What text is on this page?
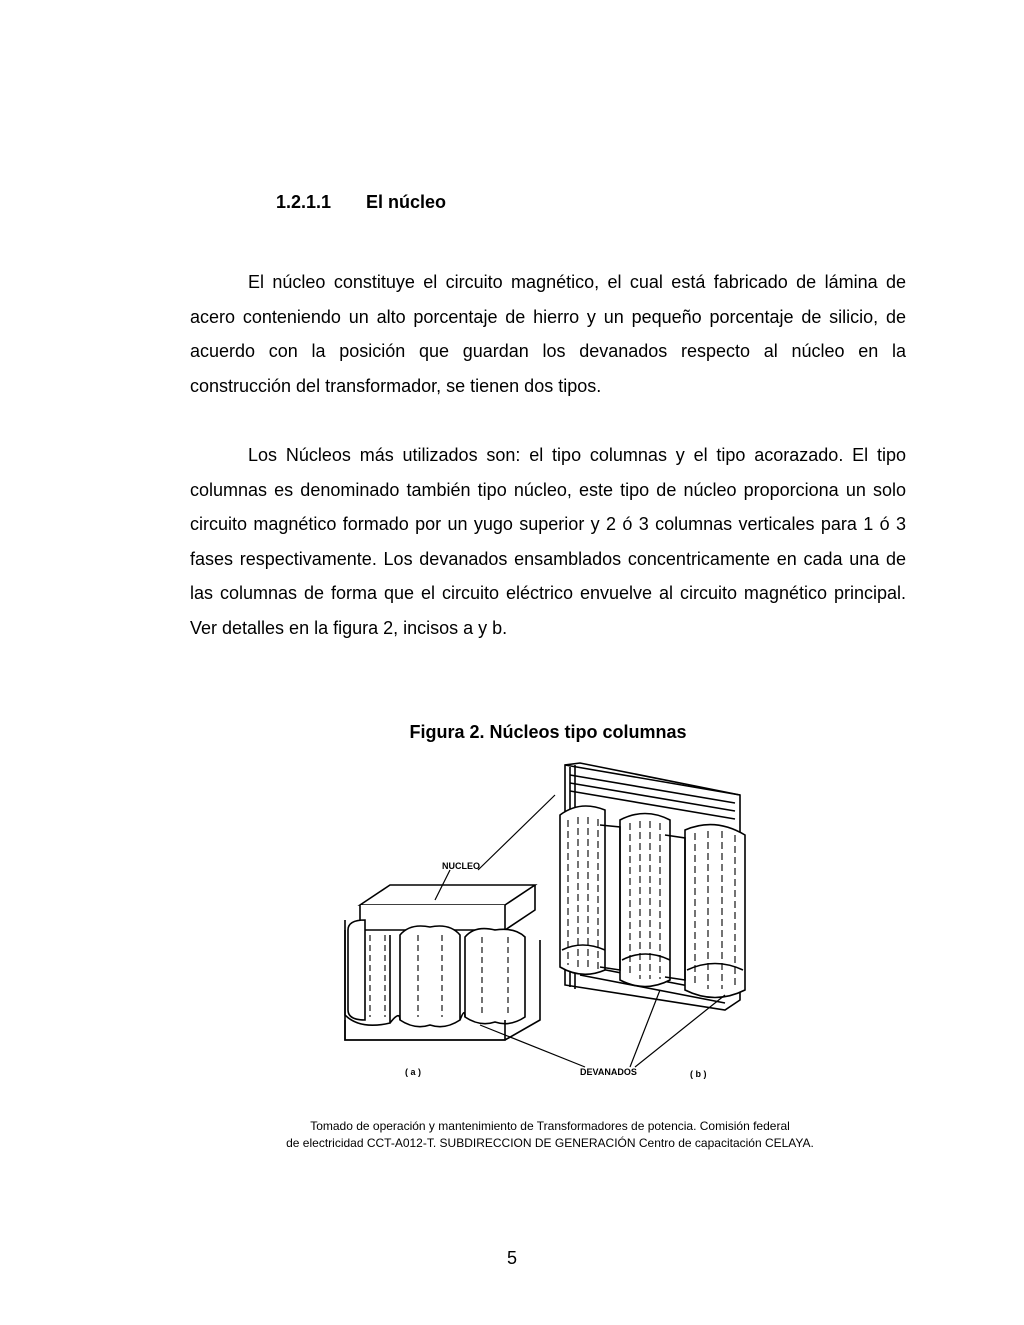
1.2.1.1 El núcleo

El núcleo constituye el circuito magnético, el cual está fabricado de lámina de acero conteniendo un alto porcentaje de hierro y un pequeño porcentaje de silicio, de acuerdo con la posición que guardan los devanados respecto al núcleo en la construcción del transformador, se tienen dos tipos.

Los Núcleos más utilizados son: el tipo columnas y el tipo acorazado. El tipo columnas es denominado también tipo núcleo, este tipo de núcleo proporciona un solo circuito magnético formado por un yugo superior y 2 ó 3 columnas verticales para 1 ó 3 fases respectivamente. Los devanados ensamblados concentricamente en cada una de las columnas de forma que el circuito eléctrico envuelve al circuito magnético principal. Ver detalles en la figura 2, incisos a y b.

Figura 2. Núcleos tipo columnas
NUCLEO
( a )	DEVANADOS	( b )
Tomado de operación y mantenimiento de Transformadores de potencia. Comisión federal
de electricidad CCT-A012-T. SUBDIRECCION DE GENERACIÓN Centro de capacitación CELAYA.
5
